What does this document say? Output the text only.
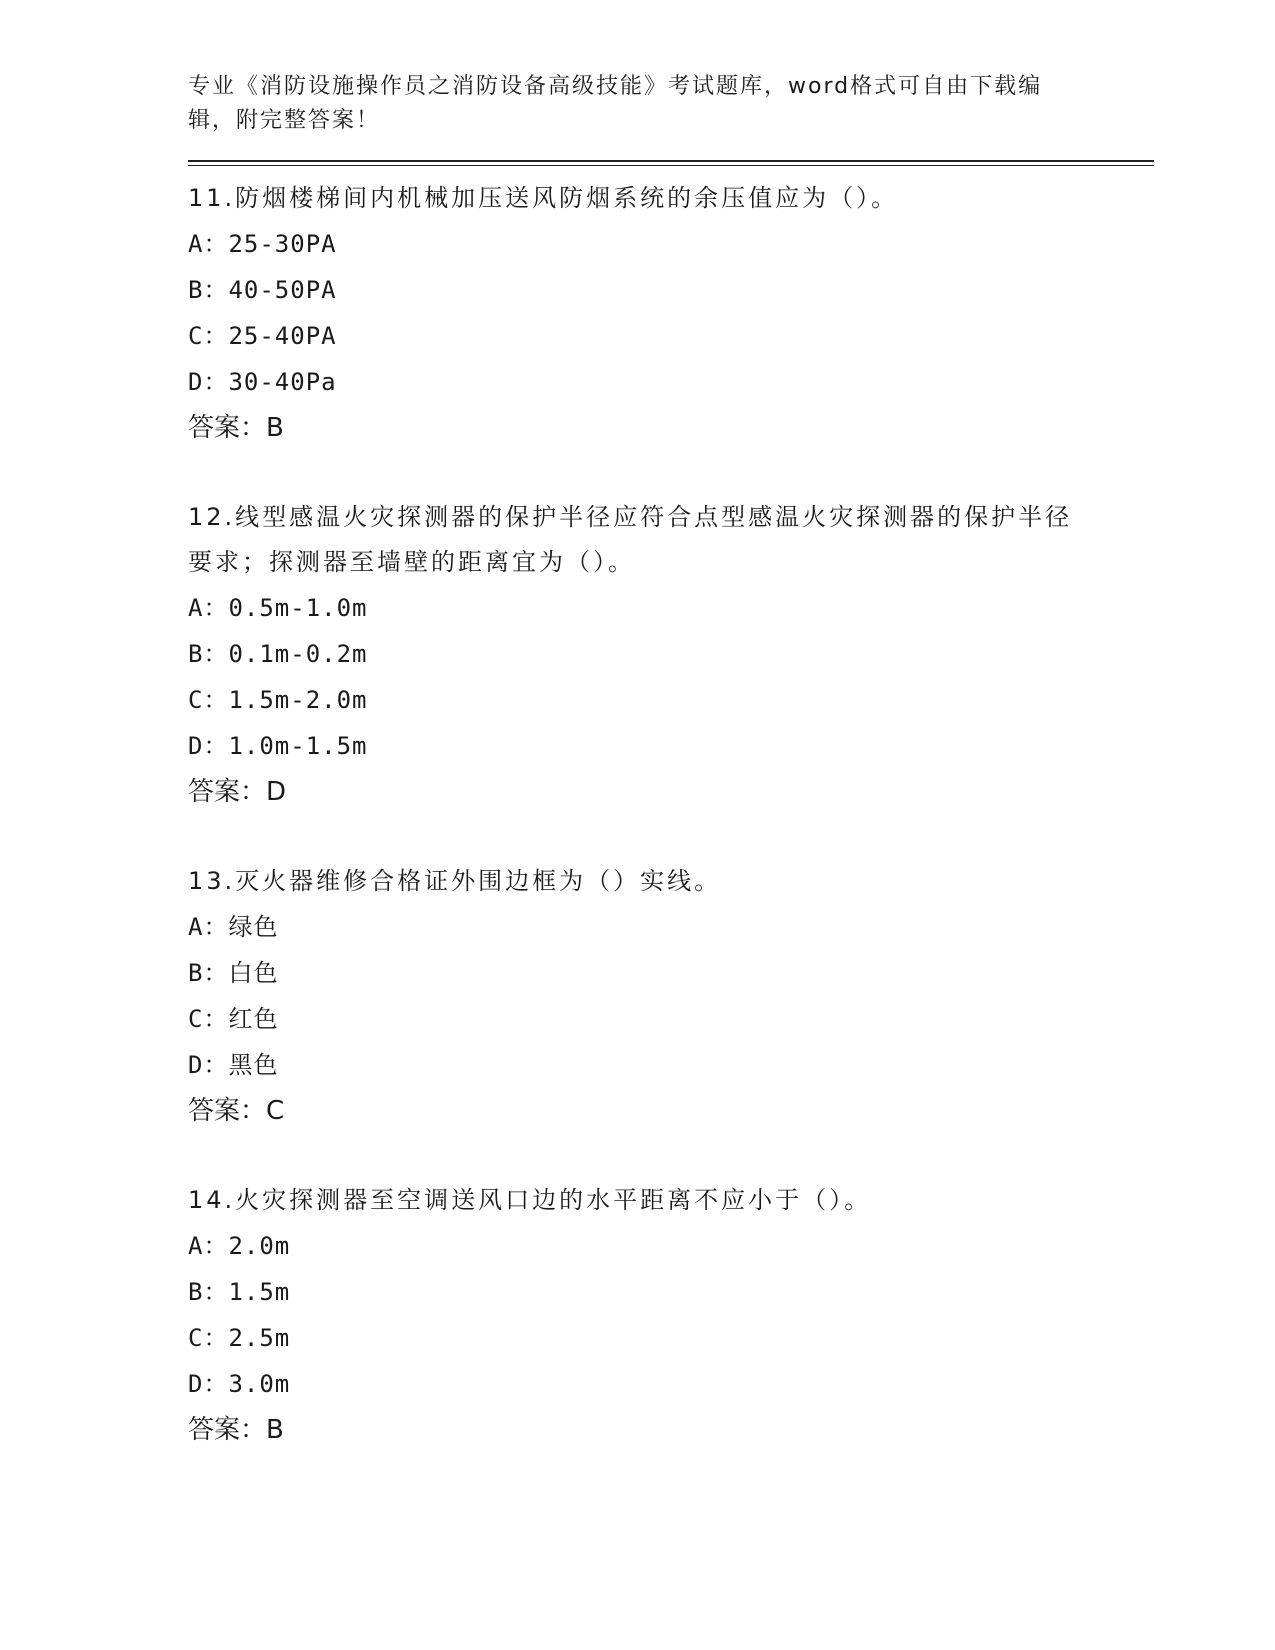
专业《消防设施操作员之消防设备高级技能》考试题库，word格式可自由下载编辑，附完整答案！

11.防烟楼梯间内机械加压送风防烟系统的余压值应为（）。
A：25-30PA
B：40-50PA
C：25-40PA
D：30-40Pa
答案：B
12.线型感温火灾探测器的保护半径应符合点型感温火灾探测器的保护半径要求；探测器至墙壁的距离宜为（）。
A：0.5m-1.0m
B：0.1m-0.2m
C：1.5m-2.0m
D：1.0m-1.5m
答案：D
13.灭火器维修合格证外围边框为（）实线。
A：绿色
B：白色
C：红色
D：黑色
答案：C
14.火灾探测器至空调送风口边的水平距离不应小于（）。
A：2.0m
B：1.5m
C：2.5m
D：3.0m
答案：B
